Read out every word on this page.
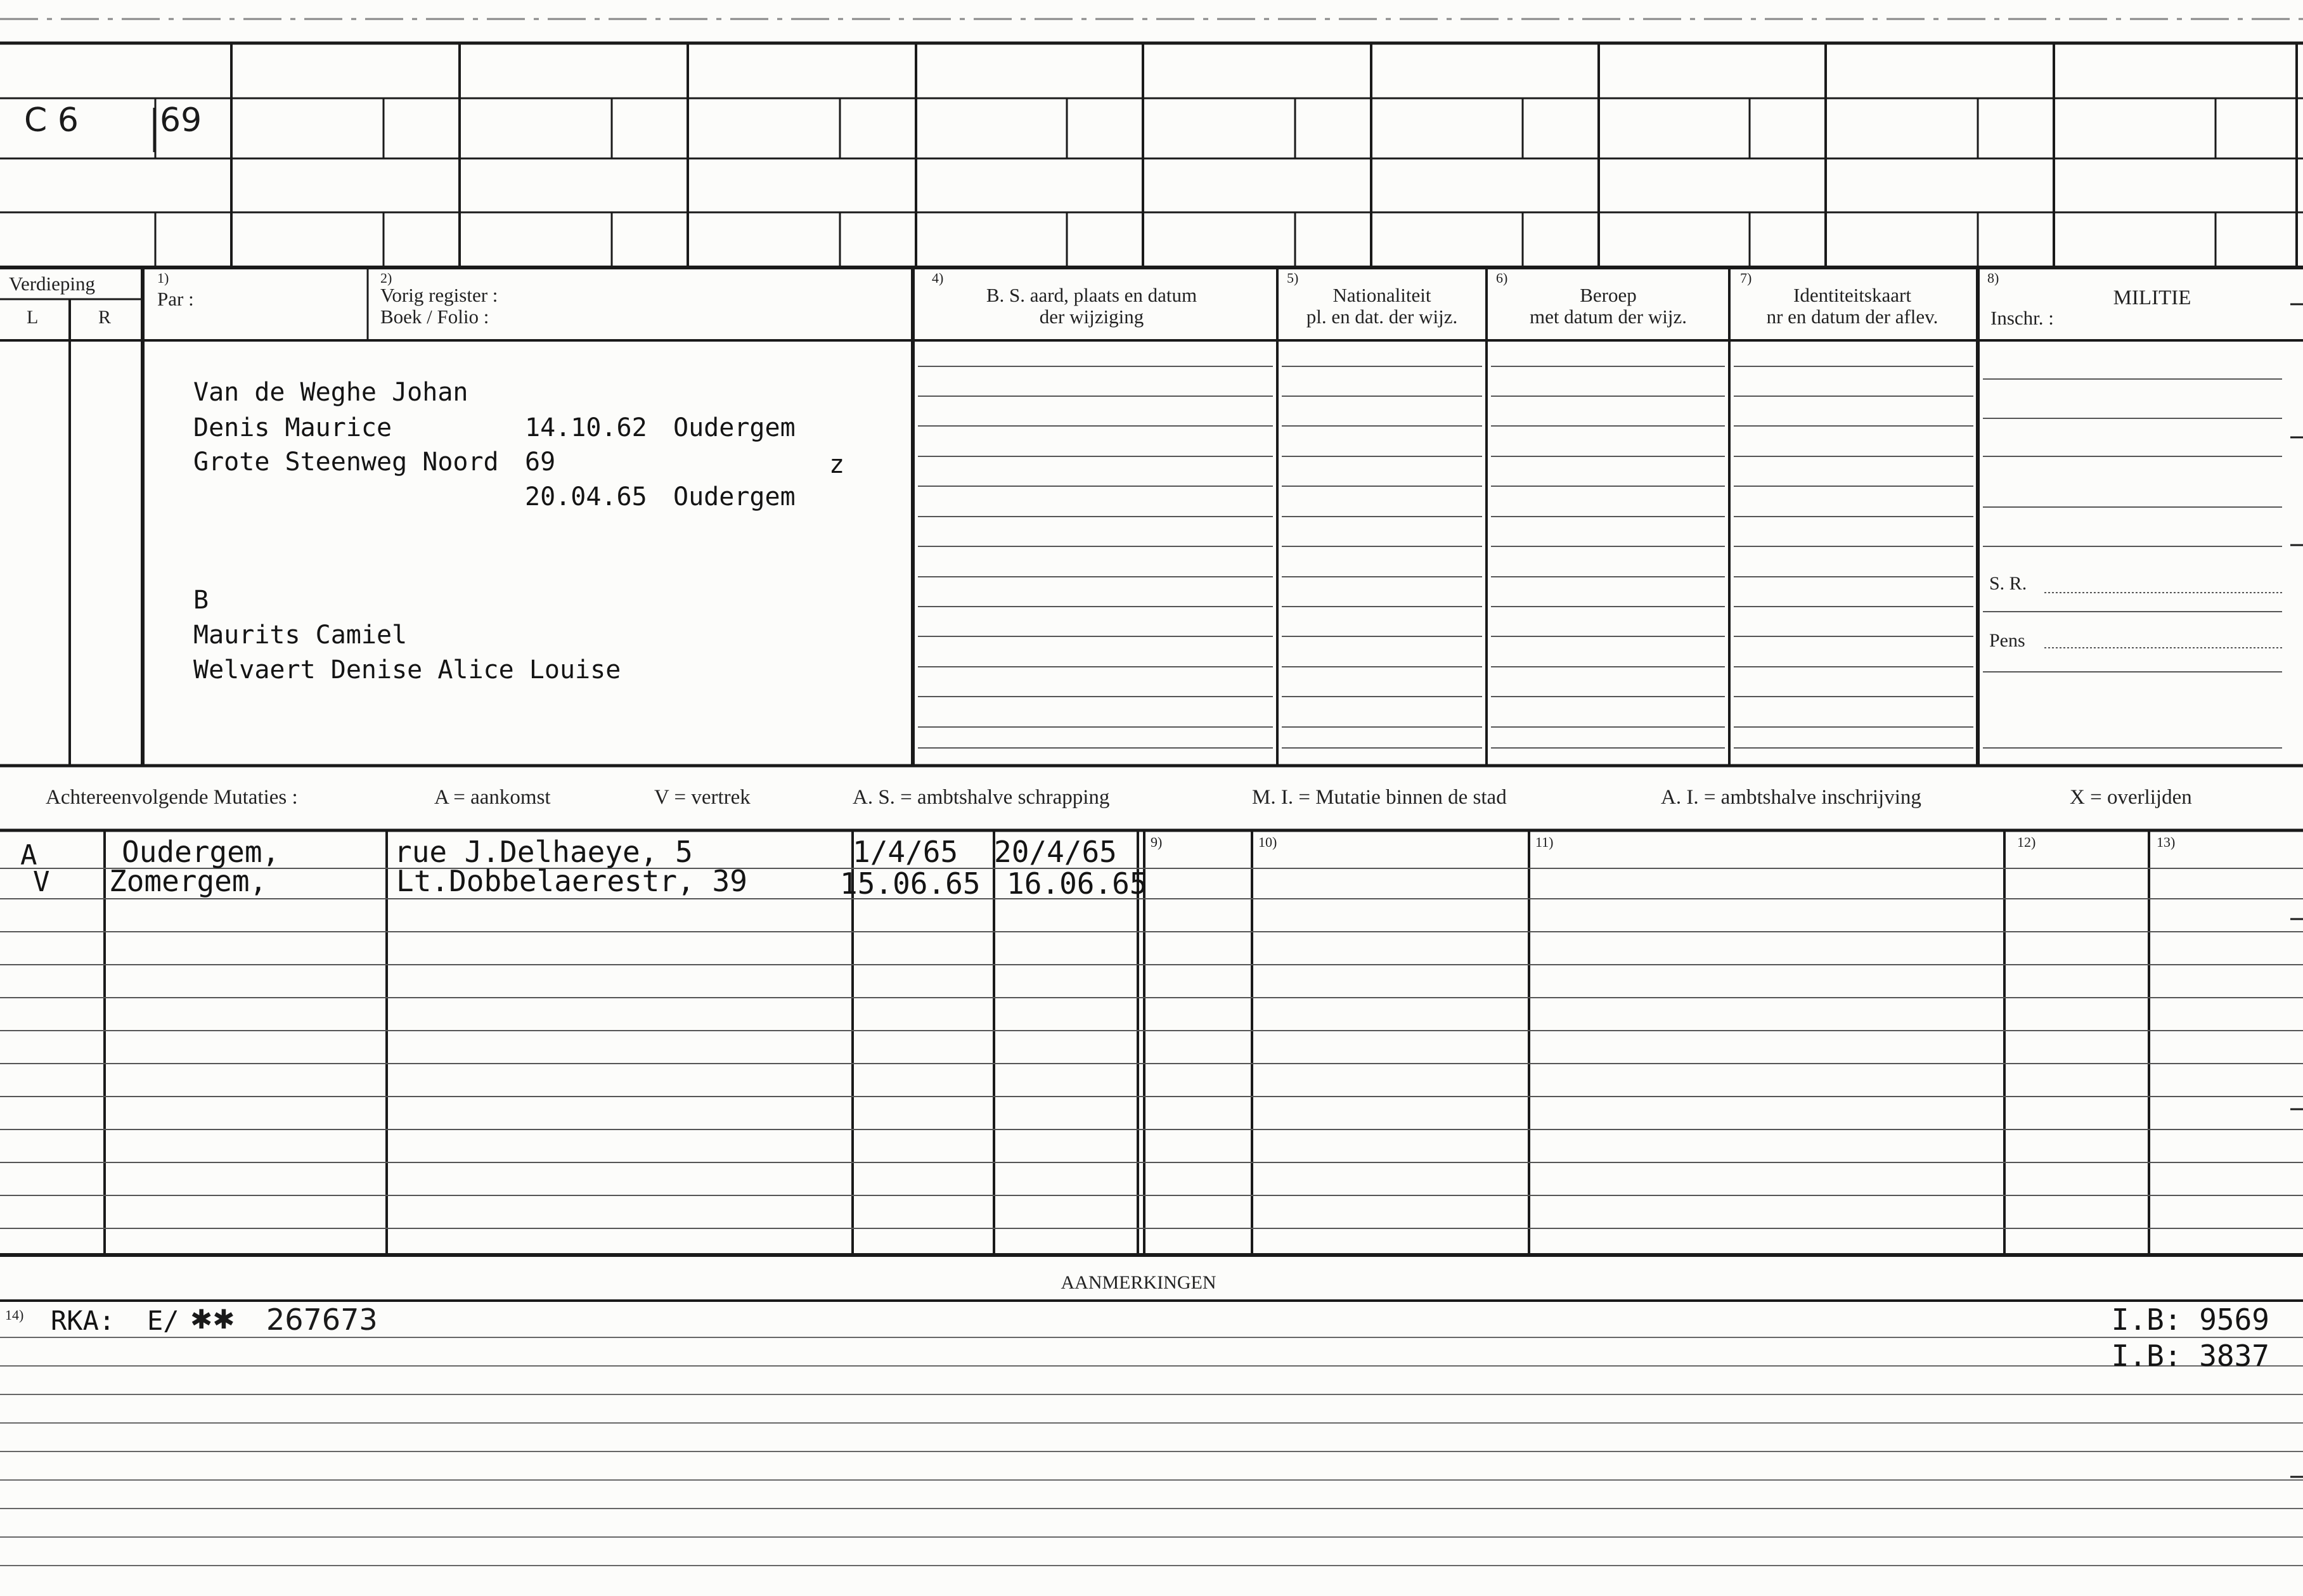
C 6 69
Verdieping
L	R
1)
Par :
2)
Vorig register :
Boek / Folio :
4)
B. S. aard, plaats en datum
der wijziging
5)
Nationaliteit
pl. en dat. der wijz.
6)
Beroep
met datum der wijz.
7)
Identiteitskaart
nr en datum der aflev.
8)
MILITIE
Inschr. :
S. R.
Pens
Van de Weghe Johan
Denis Maurice	14.10.62 Oudergem
Grote Steenweg Noord 69	z
20.04.65 Oudergem
B
Maurits Camiel
Welvaert Denise Alice Louise
Achtereenvolgende Mutaties :	A = aankomst	V = vertrek	A. S. = ambtshalve schrapping	M. I. = Mutatie binnen de stad	A. I. = ambtshalve inschrijving	X = overlijden
9)	10)	11)	12)	13)
A	Oudergem,	rue J.Delhaeye, 5	1/4/65 20/4/65
V Zomergem,	Lt.Dobbelaerestr, 39	15.06.65 16.06.65
AANMERKINGEN
14) RKA: E/ ✱✱ 267673	I.B: 9569
I.B: 3837
